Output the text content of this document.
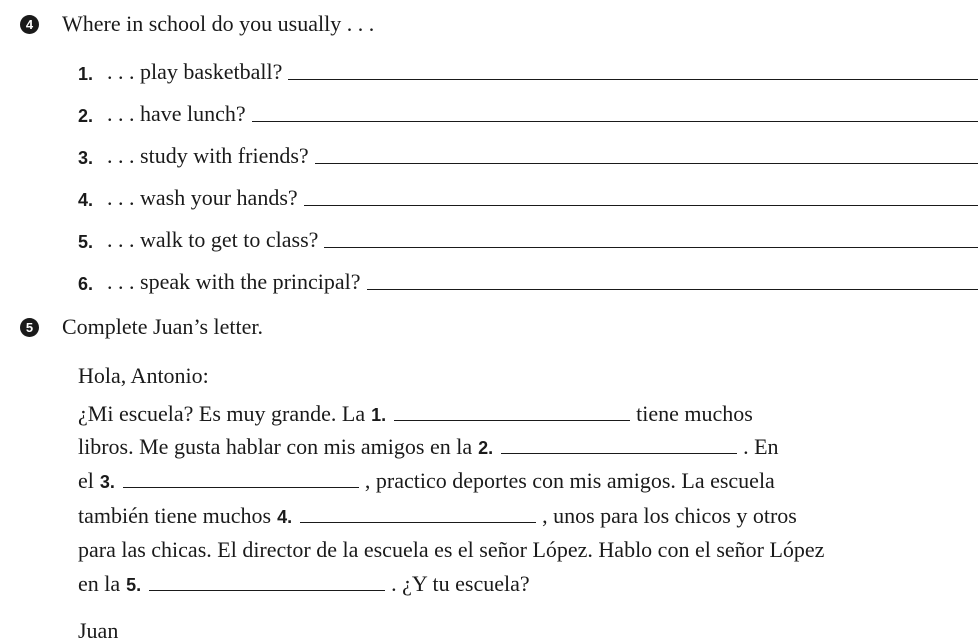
4 Where in school do you usually . . .
1. . . . play basketball?
2. . . . have lunch?
3. . . . study with friends?
4. . . . wash your hands?
5. . . . walk to get to class?
6. . . . speak with the principal?
5 Complete Juan’s letter.
Hola, Antonio:
¿Mi escuela? Es muy grande. La 1.	tiene muchos
libros. Me gusta hablar con mis amigos en la 2.	. En
el 3.	, practico deportes con mis amigos. La escuela
también tiene muchos 4.	, unos para los chicos y otros
para las chicas. El director de la escuela es el señor López. Hablo con el señor López
en la 5.	. ¿Y tu escuela?
Juan
